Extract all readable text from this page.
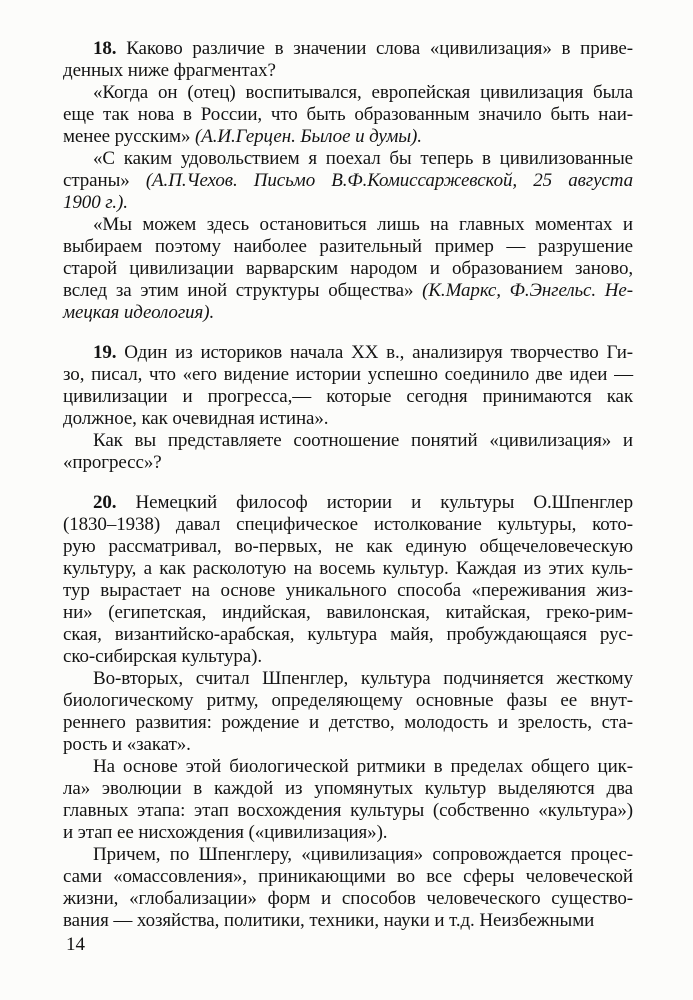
18. Каково различие в значении слова «цивилизация» в приве-
денных ниже фрагментах?
«Когда он (отец) воспитывался, европейская цивилизация была
еще так нова в России, что быть образованным значило быть наи-
менее русским» (А.И.Герцен. Былое и думы).
«С каким удовольствием я поехал бы теперь в цивилизованные
страны» (А.П.Чехов. Письмо В.Ф.Комиссаржевской, 25 августа
1900 г.).
«Мы можем здесь остановиться лишь на главных моментах и
выбираем поэтому наиболее разительный пример — разрушение
старой цивилизации варварским народом и образованием заново,
вслед за этим иной структуры общества» (К.Маркс, Ф.Энгельс. Не-
мецкая идеология).
19. Один из историков начала XX в., анализируя творчество Ги-
зо, писал, что «его видение истории успешно соединило две идеи —
цивилизации и прогресса,— которые сегодня принимаются как
должное, как очевидная истина».
Как вы представляете соотношение понятий «цивилизация» и
«прогресс»?
20. Немецкий философ истории и культуры О.Шпенглер
(1830–1938) давал специфическое истолкование культуры, кото-
рую рассматривал, во-первых, не как единую общечеловеческую
культуру, а как расколотую на восемь культур. Каждая из этих куль-
тур вырастает на основе уникального способа «переживания жиз-
ни» (египетская, индийская, вавилонская, китайская, греко-рим-
ская, византийско-арабская, культура майя, пробуждающаяся рус-
ско-сибирская культура).
Во-вторых, считал Шпенглер, культура подчиняется жесткому
биологическому ритму, определяющему основные фазы ее внут-
реннего развития: рождение и детство, молодость и зрелость, ста-
рость и «закат».
На основе этой биологической ритмики в пределах общего цик-
ла» эволюции в каждой из упомянутых культур выделяются два
главных этапа: этап восхождения культуры (собственно «культура»)
и этап ее нисхождения («цивилизация»).
Причем, по Шпенглеру, «цивилизация» сопровождается процес-
сами «омассовления», приникающими во все сферы человеческой
жизни, «глобализации» форм и способов человеческого существо-
вания — хозяйства, политики, техники, науки и т.д. Неизбежными
14
